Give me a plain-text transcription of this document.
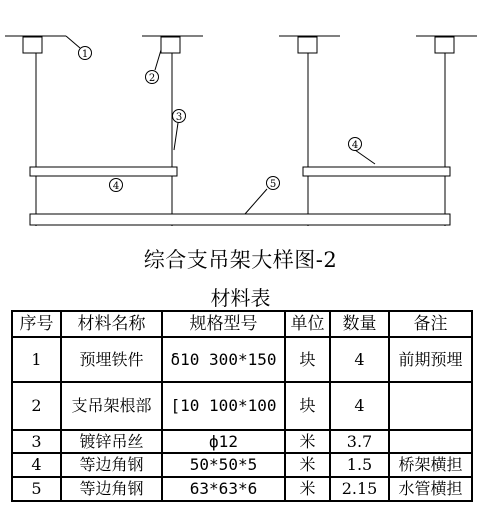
1
2
3
4
4	5
综合支吊架大样图-2
材料表
序号	材料名称	规格型号	单位	数量	备注
1	预埋铁件	δ10 300*150	块	4	前期预埋
2	支吊架根部	[10 100*100	块	4	
3	镀锌吊丝	ф12	米	3.7	
4	等边角钢	50*50*5	米	1.5	桥架横担
5	等边角钢	63*63*6	米	2.15	水管横担
